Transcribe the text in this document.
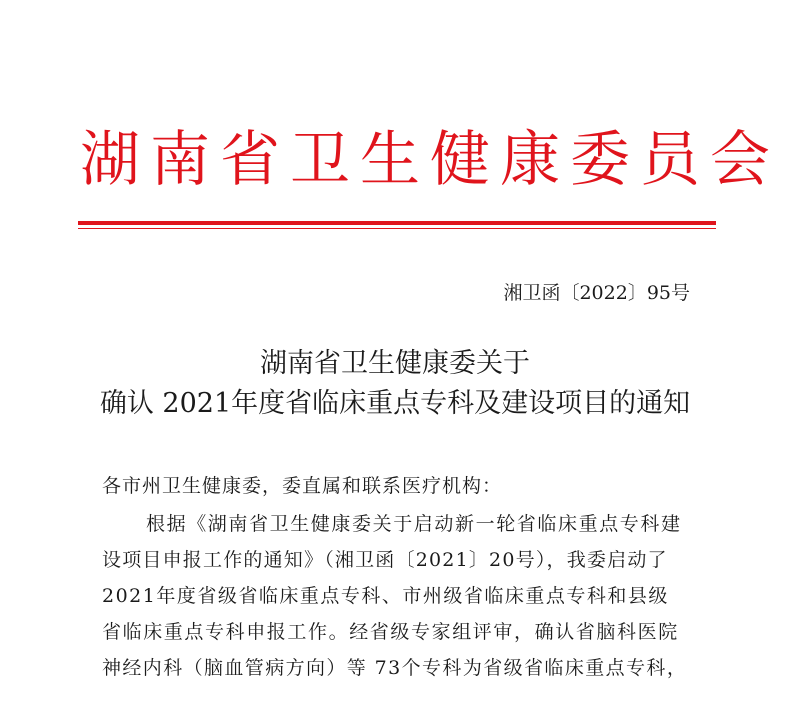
湖南省卫生健康委员会
湘卫函〔2022〕95号
湖南省卫生健康委关于
确认 2021年度省临床重点专科及建设项目的通知
各市州卫生健康委，委直属和联系医疗机构：
根据《湖南省卫生健康委关于启动新一轮省临床重点专科建
设项目申报工作的通知》（湘卫函〔2021〕20号），我委启动了
2021年度省级省临床重点专科、市州级省临床重点专科和县级
省临床重点专科申报工作。经省级专家组评审，确认省脑科医院
神经内科（脑血管病方向）等 73个专科为省级省临床重点专科，
